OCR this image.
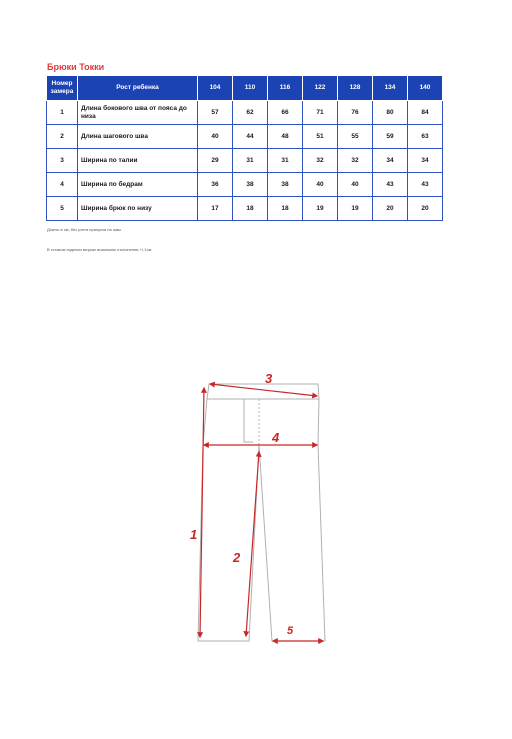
Брюки Токки
Номер замера	Рост ребенка	104	110	116	122	128	134	140
1	Длина бокового шва от пояса до низа	57	62	66	71	76	80	84
2	Длина шагового шва	40	44	48	51	55	59	63
3	Ширина по талии	29	31	31	32	32	34	34
4	Ширина по бедрам	36	38	38	40	40	43	43
5	Ширина брюк по низу	17	18	18	19	19	20	20
Длины в см, без учета припуска на швы
В готовом изделии мерках возможны отклонения +/-1см
1
2
3
4
5
